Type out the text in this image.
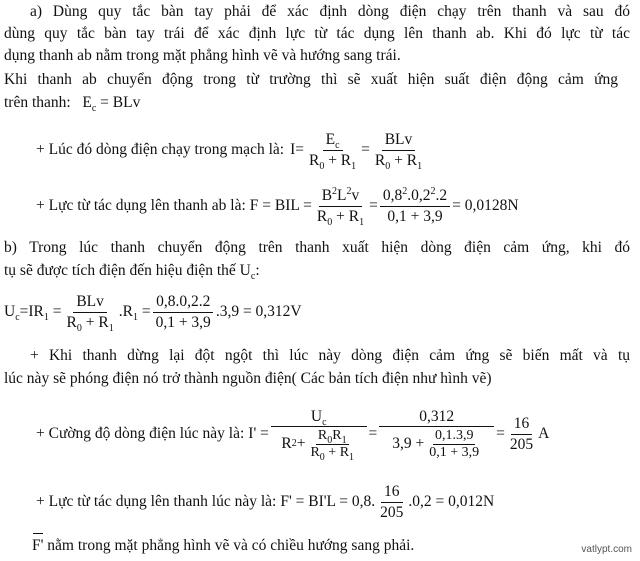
a) Dùng quy tắc bàn tay phải để xác định dòng điện chạy trên thanh và sau đó
dùng quy tắc bàn tay trái để xác định lực từ tác dụng lên thanh ab. Khi đó lực từ tác
dụng thanh ab nằm trong mặt phẳng hình vẽ và hướng sang trái.
Khi thanh ab chuyển động trong từ trường thì sẽ xuất hiện suất điện động cảm ứng
trên thanh: $E_c$ = BLv
+ Lúc đó dòng điện chạy trong mạch là: $I= \frac{E_c}{R_0 + R_1} = \frac{\text{BLv}}{R_0 + R_1}$
+ Lực từ tác dụng lên thanh ab là: F = BIL = $\frac{B^2L^2v}{R_0 + R_1} = \frac{0,8^2.0,2^2.2}{0,1 + 3,9} = 0,0128N$
b) Trong lúc thanh chuyển động trên thanh xuất hiện dòng điện cảm ứng, khi đó
tụ sẽ được tích điện đến hiệu điện thế $U_c$:
$U_c=IR_1 = \frac{\text{BLv}}{R_0 + R_1} .R_1 = \frac{0,8.0,2.2}{0,1 + 3,9} .3,9 = 0,312V$
+ Khi thanh dừng lại đột ngột thì lúc này dòng điện cảm ứng sẽ biến mất và tụ
lúc này sẽ phóng điện nó trở thành nguồn điện( Các bản tích điện như hình vẽ)
+ Cường độ dòng điện lúc này là: $I' = \frac{U_c}{R 2 + \frac{R_0R_1}{R_0 + R_1}} = \frac{0,312}{3,9 + \frac{0,1.3,9}{0,1 + 3,9}} = \frac{16}{205}$ A
+ Lực từ tác dụng lên thanh lúc này là: F' = BI'L = 0,8. $\frac{16}{205} .0,2 = 0,012N$
F' nằm trong mặt phẳng hình vẽ và có chiều hướng sang phải.	vatlypt.com
